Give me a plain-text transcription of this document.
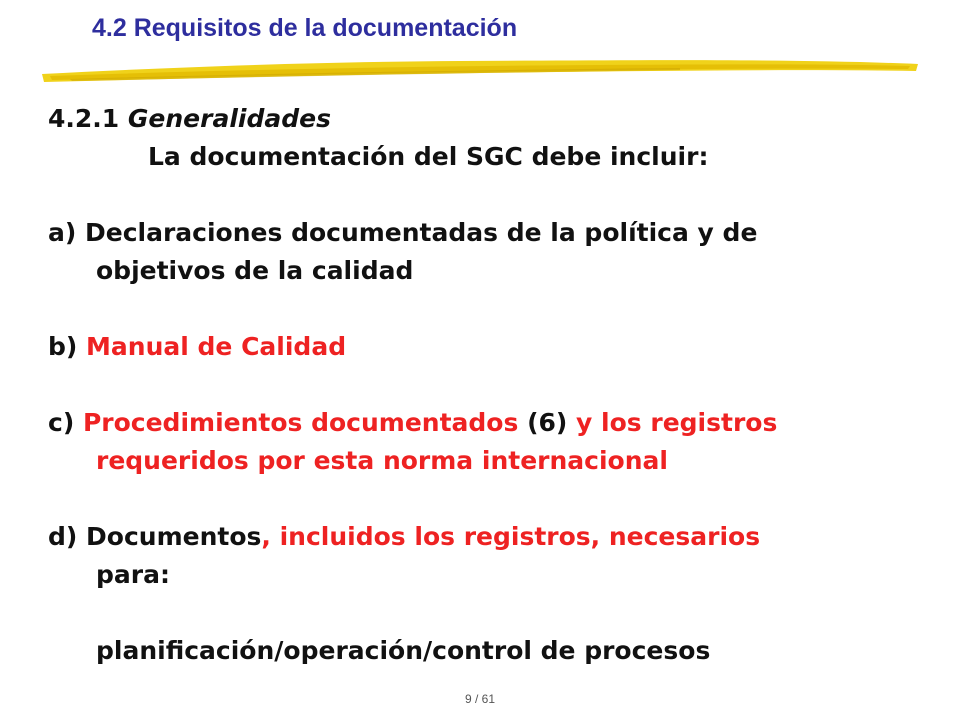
4.2 Requisitos de la documentación
4.2.1 Generalidades
La documentación del SGC debe incluir:
a) Declaraciones documentadas de la política y de
objetivos de la calidad
b) Manual de Calidad
c) Procedimientos documentados (6) y los registros
requeridos por esta norma internacional
d) Documentos, incluidos los registros, necesarios
para:
planificación/operación/control de procesos
9 / 61
